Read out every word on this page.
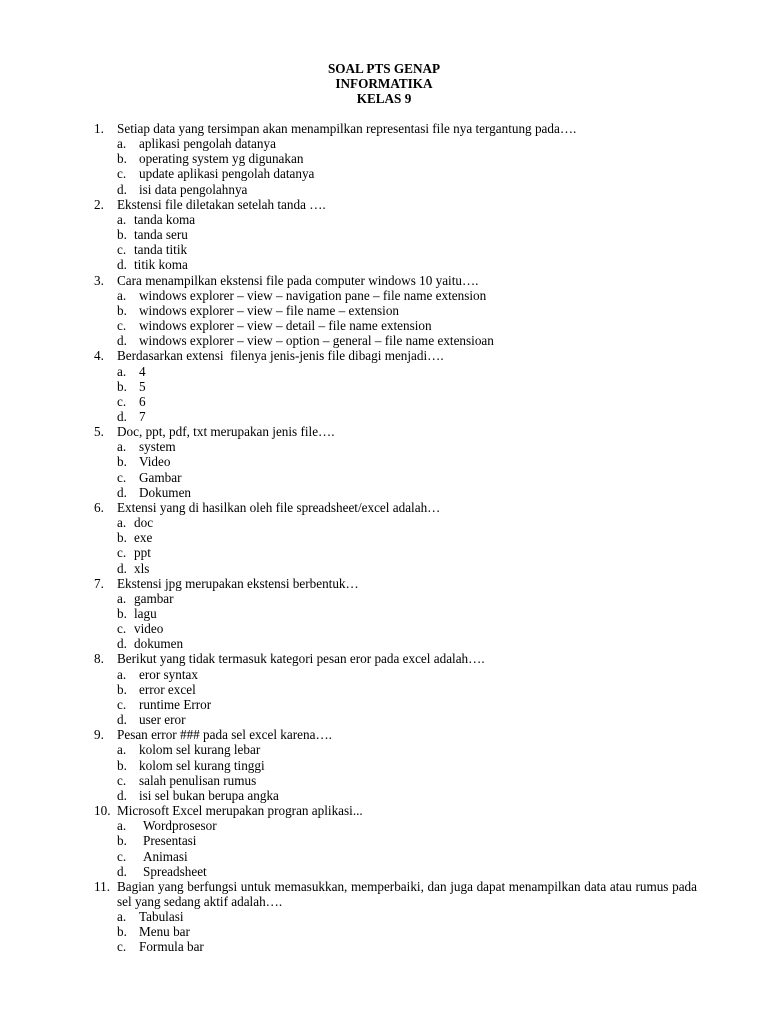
SOAL PTS GENAP
INFORMATIKA
KELAS 9
1. Setiap data yang tersimpan akan menampilkan representasi file nya tergantung pada….
a. aplikasi pengolah datanya
b. operating system yg digunakan
c. update aplikasi pengolah datanya
d. isi data pengolahnya
2. Ekstensi file diletakan setelah tanda ….
a. tanda koma
b. tanda seru
c. tanda titik
d. titik koma
3. Cara menampilkan ekstensi file pada computer windows 10 yaitu….
a. windows explorer – view – navigation pane – file name extension
b. windows explorer – view – file name – extension
c. windows explorer – view – detail – file name extension
d. windows explorer – view – option – general – file name extensioan
4. Berdasarkan extensi  filenya jenis-jenis file dibagi menjadi….
a. 4
b. 5
c. 6
d. 7
5. Doc, ppt, pdf, txt merupakan jenis file….
a. system
b. Video
c. Gambar
d. Dokumen
6. Extensi yang di hasilkan oleh file spreadsheet/excel adalah…
a. doc
b. exe
c. ppt
d. xls
7. Ekstensi jpg merupakan ekstensi berbentuk…
a. gambar
b. lagu
c. video
d. dokumen
8. Berikut yang tidak termasuk kategori pesan eror pada excel adalah….
a. eror syntax
b. error excel
c. runtime Error
d. user eror
9. Pesan error ### pada sel excel karena….
a. kolom sel kurang lebar
b. kolom sel kurang tinggi
c. salah penulisan rumus
d. isi sel bukan berupa angka
10. Microsoft Excel merupakan progran aplikasi...
a. Wordprosesor
b. Presentasi
c. Animasi
d. Spreadsheet
11. Bagian yang berfungsi untuk memasukkan, memperbaiki, dan juga dapat menampilkan data atau rumus pada sel yang sedang aktif adalah….
a. Tabulasi
b. Menu bar
c. Formula bar
